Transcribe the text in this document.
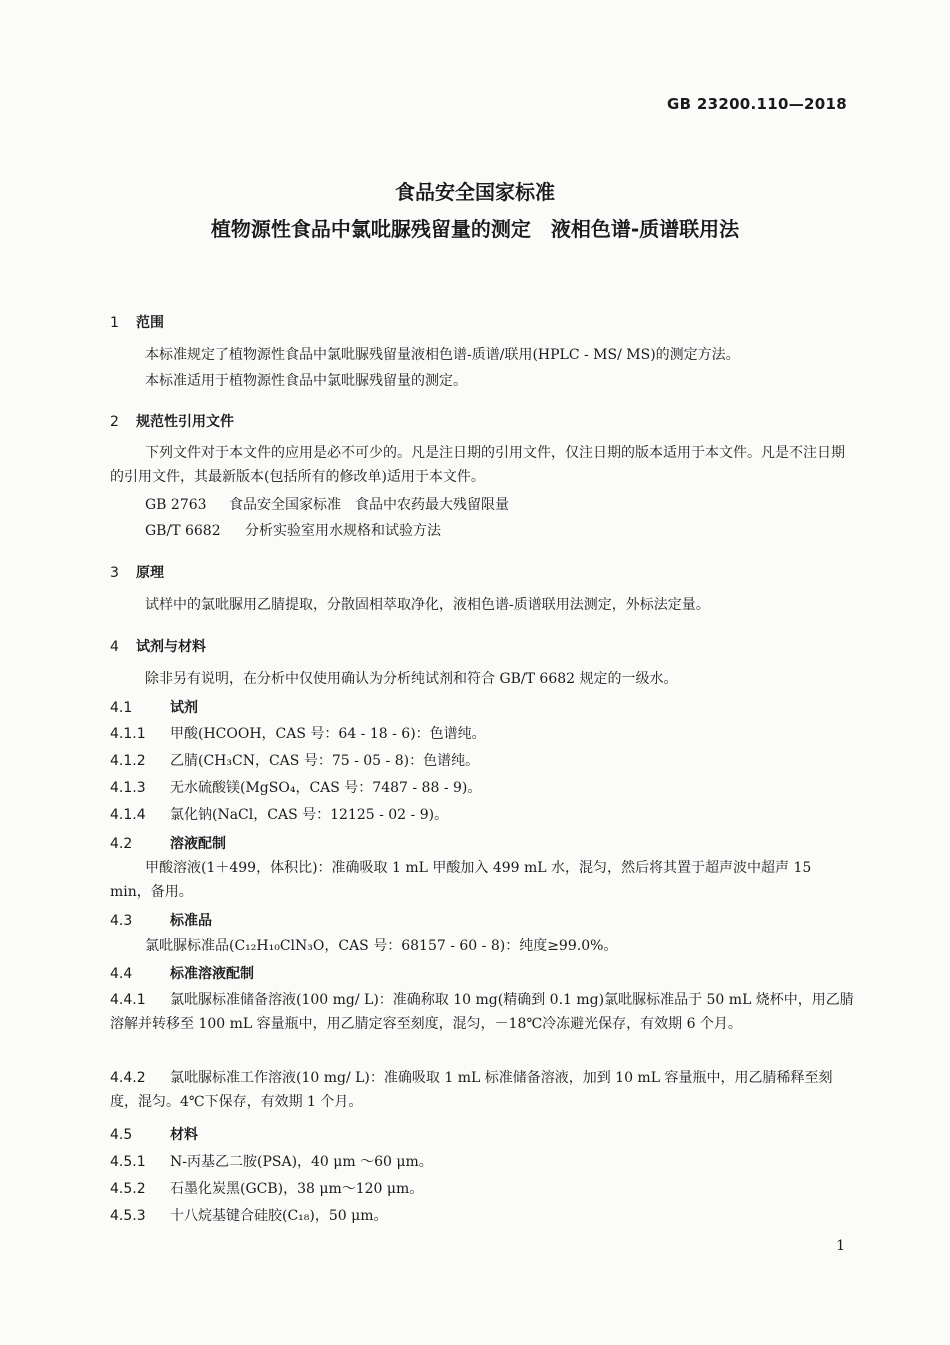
GB 23200.110—2018
食品安全国家标准
植物源性食品中氯吡脲残留量的测定　液相色谱-质谱联用法
1 范围
本标准规定了植物源性食品中氯吡脲残留量液相色谱-质谱/联用(HPLC - MS/ MS)的测定方法。
本标准适用于植物源性食品中氯吡脲残留量的测定。
2 规范性引用文件
下列文件对于本文件的应用是必不可少的。凡是注日期的引用文件，仅注日期的版本适用于本文件。凡是不注日期的引用文件，其最新版本(包括所有的修改单)适用于本文件。
GB 2763 食品安全国家标准　食品中农药最大残留限量
GB/T 6682 分析实验室用水规格和试验方法
3 原理
试样中的氯吡脲用乙腈提取，分散固相萃取净化，液相色谱-质谱联用法测定，外标法定量。
4 试剂与材料
除非另有说明，在分析中仅使用确认为分析纯试剂和符合 GB/T 6682 规定的一级水。
4.1	试剂
4.1.1 甲酸(HCOOH，CAS 号：64 - 18 - 6)：色谱纯。
4.1.2 乙腈(CH₃CN，CAS 号：75 - 05 - 8)：色谱纯。
4.1.3 无水硫酸镁(MgSO₄，CAS 号：7487 - 88 - 9)。
4.1.4 氯化钠(NaCl，CAS 号：12125 - 02 - 9)。
4.2	溶液配制
甲酸溶液(1＋499，体积比)：准确吸取 1 mL 甲酸加入 499 mL 水，混匀，然后将其置于超声波中超声 15 min，备用。
4.3	标准品
氯吡脲标准品(C₁₂H₁₀ClN₃O，CAS 号：68157 - 60 - 8)：纯度≥99.0%。
4.4	标准溶液配制
4.4.1 氯吡脲标准储备溶液(100 mg/ L)：准确称取 10 mg(精确到 0.1 mg)氯吡脲标准品于 50 mL 烧杯中，用乙腈溶解并转移至 100 mL 容量瓶中，用乙腈定容至刻度，混匀，－18℃冷冻避光保存，有效期 6 个月。
4.4.2 氯吡脲标准工作溶液(10 mg/ L)：准确吸取 1 mL 标准储备溶液，加到 10 mL 容量瓶中，用乙腈稀释至刻度，混匀。4℃下保存，有效期 1 个月。
4.5	材料
4.5.1 N-丙基乙二胺(PSA)，40 μm ～60 μm。
4.5.2 石墨化炭黑(GCB)，38 μm～120 μm。
4.5.3 十八烷基键合硅胶(C₁₈)，50 μm。
1
